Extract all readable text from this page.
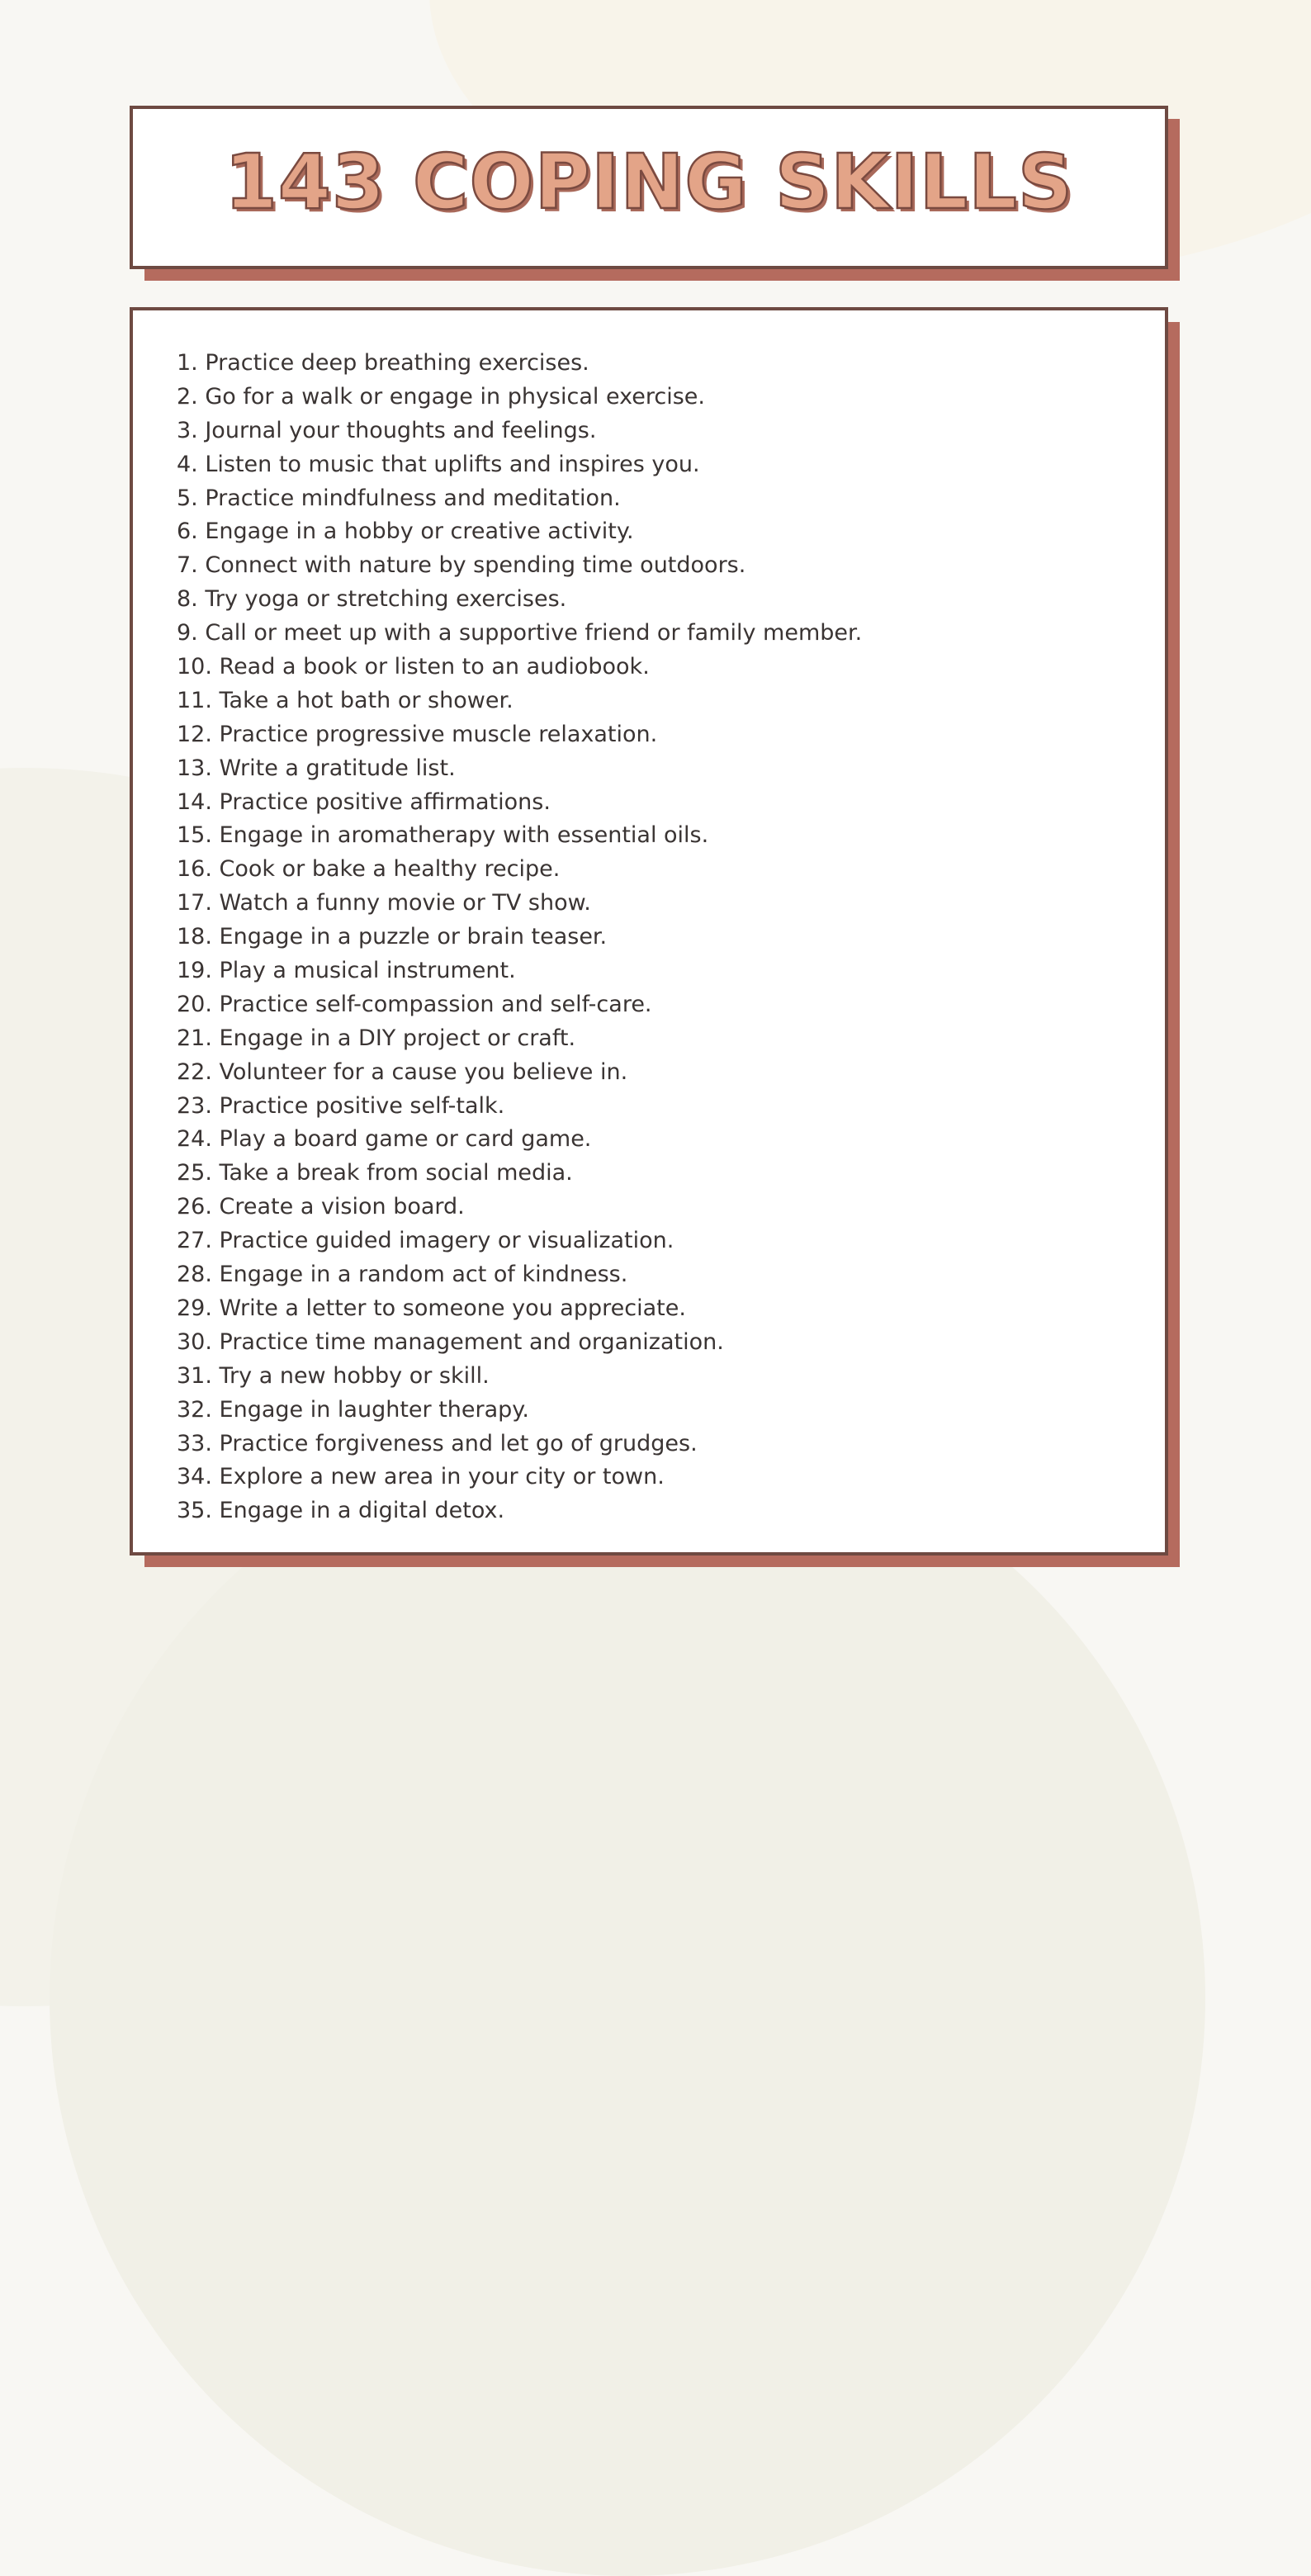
143 COPING SKILLS
1. Practice deep breathing exercises.
2. Go for a walk or engage in physical exercise.
3. Journal your thoughts and feelings.
4. Listen to music that uplifts and inspires you.
5. Practice mindfulness and meditation.
6. Engage in a hobby or creative activity.
7. Connect with nature by spending time outdoors.
8. Try yoga or stretching exercises.
9. Call or meet up with a supportive friend or family member.
10. Read a book or listen to an audiobook.
11. Take a hot bath or shower.
12. Practice progressive muscle relaxation.
13. Write a gratitude list.
14. Practice positive affirmations.
15. Engage in aromatherapy with essential oils.
16. Cook or bake a healthy recipe.
17. Watch a funny movie or TV show.
18. Engage in a puzzle or brain teaser.
19. Play a musical instrument.
20. Practice self-compassion and self-care.
21. Engage in a DIY project or craft.
22. Volunteer for a cause you believe in.
23. Practice positive self-talk.
24. Play a board game or card game.
25. Take a break from social media.
26. Create a vision board.
27. Practice guided imagery or visualization.
28. Engage in a random act of kindness.
29. Write a letter to someone you appreciate.
30. Practice time management and organization.
31. Try a new hobby or skill.
32. Engage in laughter therapy.
33. Practice forgiveness and let go of grudges.
34. Explore a new area in your city or town.
35. Engage in a digital detox.
